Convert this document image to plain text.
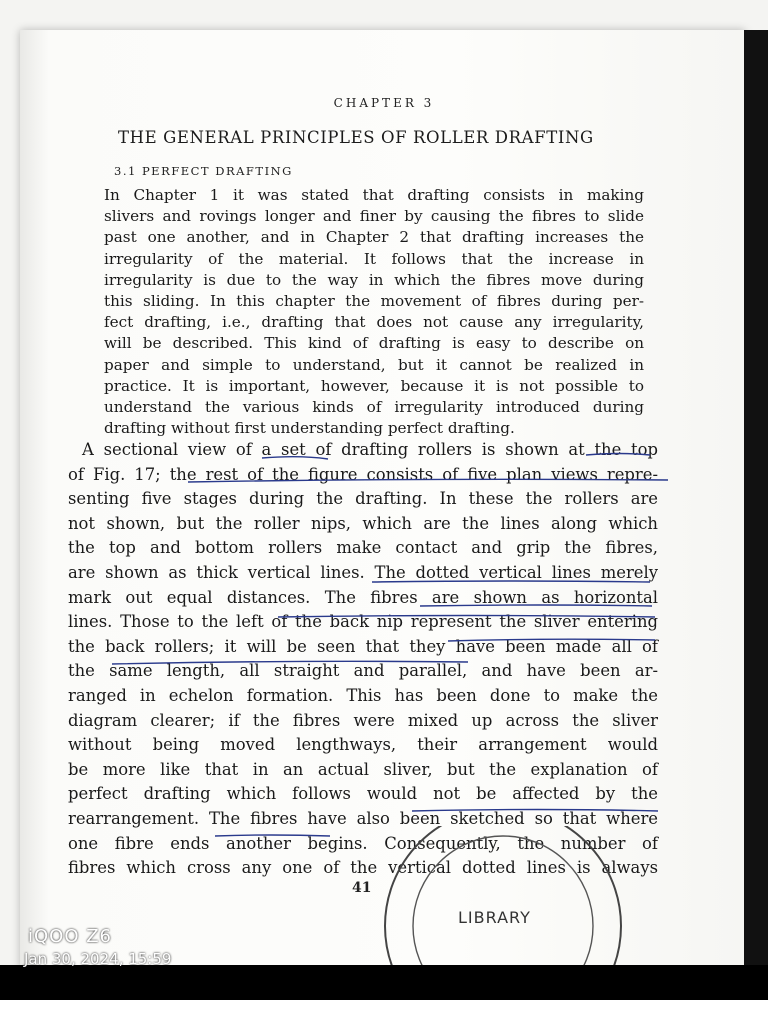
CHAPTER 3
THE GENERAL PRINCIPLES OF ROLLER DRAFTING
3.1 PERFECT DRAFTING
In Chapter 1 it was stated that drafting consists in making
slivers and rovings longer and finer by causing the fibres to slide
past one another, and in Chapter 2 that drafting increases the
irregularity of the material. It follows that the increase in
irregularity is due to the way in which the fibres move during
this sliding. In this chapter the movement of fibres during per-
fect drafting, i.e., drafting that does not cause any irregularity,
will be described. This kind of drafting is easy to describe on
paper and simple to understand, but it cannot be realized in
practice. It is important, however, because it is not possible to
understand the various kinds of irregularity introduced during
drafting without first understanding perfect drafting.
A sectional view of a set of drafting rollers is shown at the top
of Fig. 17; the rest of the figure consists of five plan views repre-
senting five stages during the drafting. In these the rollers are
not shown, but the roller nips, which are the lines along which
the top and bottom rollers make contact and grip the fibres,
are shown as thick vertical lines. The dotted vertical lines merely
mark out equal distances. The fibres are shown as horizontal
lines. Those to the left of the back nip represent the sliver entering
the back rollers; it will be seen that they have been made all of
the same length, all straight and parallel, and have been ar-
ranged in echelon formation. This has been done to make the
diagram clearer; if the fibres were mixed up across the sliver
without being moved lengthways, their arrangement would
be more like that in an actual sliver, but the explanation of
perfect drafting which follows would not be affected by the
rearrangement. The fibres have also been sketched so that where
one fibre ends another begins. Consequently, the number of
fibres which cross any one of the vertical dotted lines is always
41
LIBRARY
iQOO Z6
Jan 30, 2024, 15:59
